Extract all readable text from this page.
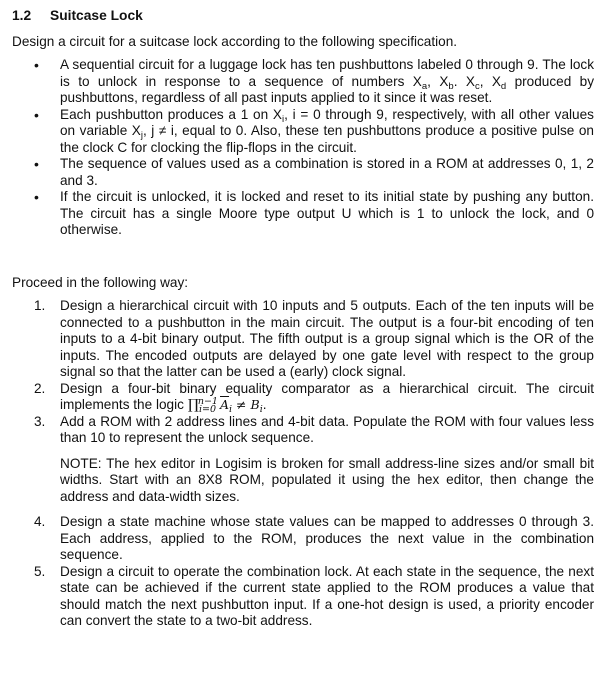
1.2 Suitcase Lock
Design a circuit for a suitcase lock according to the following specification.
• A sequential circuit for a luggage lock has ten pushbuttons labeled 0 through 9. The lock is to unlock in response to a sequence of numbers $X_a$, $X_b$. $X_c$, $X_d$ produced by pushbuttons, regardless of all past inputs applied to it since it was reset.
• Each pushbutton produces a 1 on $X_i$, i = 0 through 9, respectively, with all other values on variable $X_j$, j ≠ i, equal to 0. Also, these ten pushbuttons produce a positive pulse on the clock C for clocking the flip-flops in the circuit.
• The sequence of values used as a combination is stored in a ROM at addresses 0, 1, 2 and 3.
• If the circuit is unlocked, it is locked and reset to its initial state by pushing any button. The circuit has a single Moore type output U which is 1 to unlock the lock, and 0 otherwise.
Proceed in the following way:
1. Design a hierarchical circuit with 10 inputs and 5 outputs. Each of the ten inputs will be connected to a pushbutton in the main circuit. The output is a four-bit encoding of ten inputs to a 4-bit binary output. The fifth output is a group signal which is the OR of the inputs. The encoded outputs are delayed by one gate level with respect to the group signal so that the latter can be used a (early) clock signal.
2. Design a four-bit binary equality comparator as a hierarchical circuit. The circuit implements the logic ∏$^{n-1}_{i=0}$ $\overline{A}_i \ne B_i$.
3. Add a ROM with 2 address lines and 4-bit data. Populate the ROM with four values less than 10 to represent the unlock sequence.
NOTE: The hex editor in Logisim is broken for small address-line sizes and/or small bit widths. Start with an 8X8 ROM, populated it using the hex editor, then change the address and data-width sizes.
4. Design a state machine whose state values can be mapped to addresses 0 through 3. Each address, applied to the ROM, produces the next value in the combination sequence.
5. Design a circuit to operate the combination lock. At each state in the sequence, the next state can be achieved if the current state applied to the ROM produces a value that should match the next pushbutton input. If a one-hot design is used, a priority encoder can convert the state to a two-bit address.
